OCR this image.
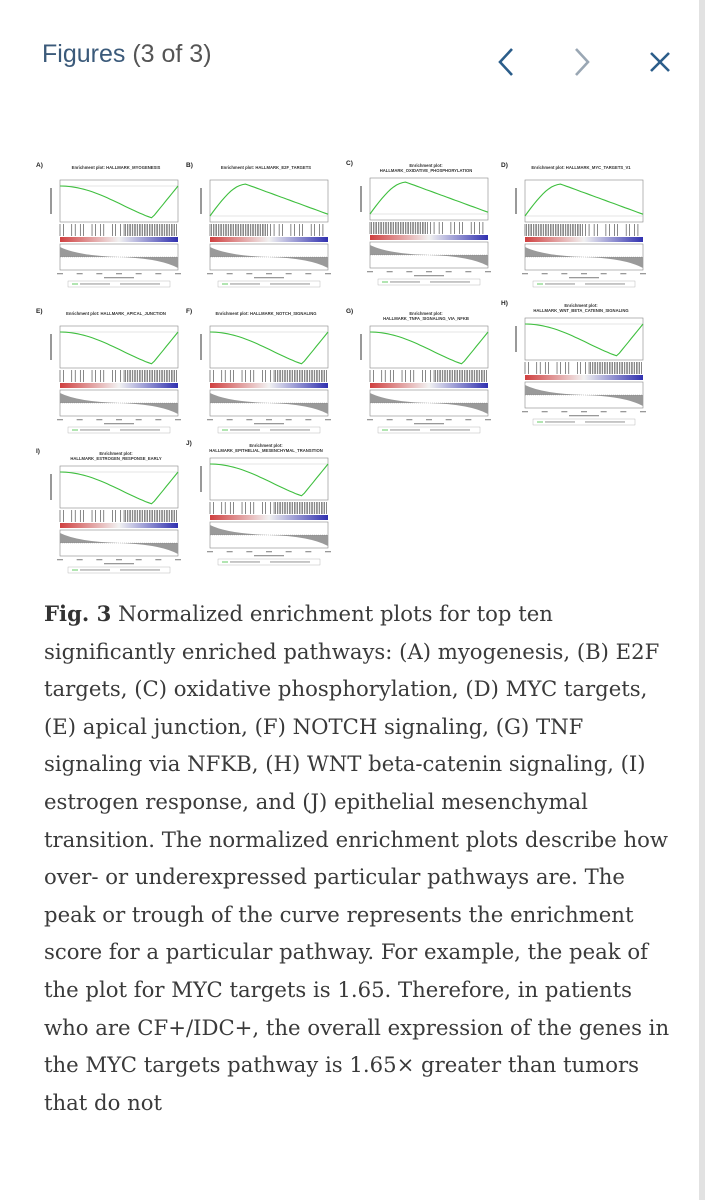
Figures (3 of 3)
A)	Enrichment plot: HALLMARK_MYOGENESIS	B)	Enrichment plot: HALLMARK_E2F_TARGETS
C)	Enrichment plot:
HALLMARK_OXIDATIVE_PHOSPHORYLATION
D)	Enrichment plot: HALLMARK_MYC_TARGETS_V1
E)	Enrichment plot: HALLMARK_APICAL_JUNCTION	F)	Enrichment plot: HALLMARK_NOTCH_SIGNALING	G)	Enrichment plot:
HALLMARK_TNFA_SIGNALING_VIA_NFKB
H)	Enrichment plot:
HALLMARK_WNT_BETA_CATENIN_SIGNALING
I)	Enrichment plot:
HALLMARK_ESTROGEN_RESPONSE_EARLY
J)	Enrichment plot:
HALLMARK_EPITHELIAL_MESENCHYMAL_TRANSITION
Fig. 3 Normalized enrichment plots for top ten significantly enriched pathways: (A) myogenesis, (B) E2F targets, (C) oxidative phosphorylation, (D) MYC targets, (E) apical junction, (F) NOTCH signaling, (G) TNF signaling via NFKB, (H) WNT beta-catenin signaling, (I) estrogen response, and (J) epithelial mesenchymal transition. The normalized enrichment plots describe how over- or underexpressed particular pathways are. The peak or trough of the curve represents the enrichment score for a particular pathway. For example, the peak of the plot for MYC targets is 1.65. Therefore, in patients who are CF+/IDC+, the overall expression of the genes in the MYC targets pathway is 1.65× greater than tumors that do not
